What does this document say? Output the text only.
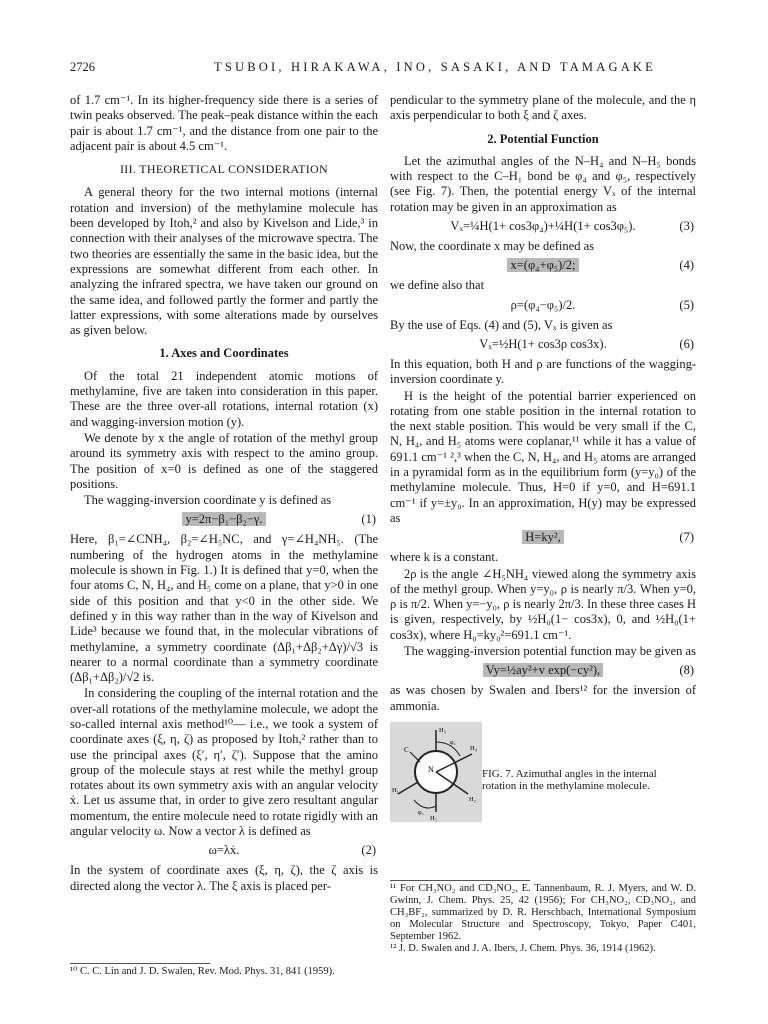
2726	TSUBOI, HIRAKAWA, INO, SASAKI, AND TAMAGAKE

of 1.7 cm⁻¹. In its higher-frequency side there is a series of twin peaks observed. The peak–peak distance within the each pair is about 1.7 cm⁻¹, and the distance from one pair to the adjacent pair is about 4.5 cm⁻¹.

III. THEORETICAL CONSIDERATION

A general theory for the two internal motions (internal rotation and inversion) of the methylamine molecule has been developed by Itoh,² and also by Kivelson and Lide,³ in connection with their analyses of the microwave spectra. The two theories are essentially the same in the basic idea, but the expressions are somewhat different from each other. In analyzing the infrared spectra, we have taken our ground on the same idea, and followed partly the former and partly the latter expressions, with some alterations made by ourselves as given below.

1. Axes and Coordinates

Of the total 21 independent atomic motions of methylamine, five are taken into consideration in this paper. These are the three over-all rotations, internal rotation (x) and wagging-inversion motion (y).

We denote by x the angle of rotation of the methyl group around its symmetry axis with respect to the amino group. The position of x=0 is defined as one of the staggered positions.

The wagging-inversion coordinate y is defined as

y=2π−β₁−β₂−γ.	(1)

Here, β₁=∠CNH₄, β₂=∠H₅NC, and γ=∠H₄NH₅. (The numbering of the hydrogen atoms in the methylamine molecule is shown in Fig. 1.) It is defined that y=0, when the four atoms C, N, H₄, and H₅ come on a plane, that y>0 in one side of this position and that y<0 in the other side. We defined y in this way rather than in the way of Kivelson and Lide³ because we found that, in the molecular vibrations of methylamine, a symmetry coordinate (Δβ₁+Δβ₂+Δγ)/√3 is nearer to a normal coordinate than a symmetry coordinate (Δβ₁+Δβ₂)/√2 is.

In considering the coupling of the internal rotation and the over-all rotations of the methylamine molecule, we adopt the so-called internal axis method¹⁰— i.e., we took a system of coordinate axes (ξ, η, ζ) as proposed by Itoh,² rather than to use the principal axes (ξ′, η′, ζ′). Suppose that the amino group of the molecule stays at rest while the methyl group rotates about its own symmetry axis with an angular velocity ẋ. Let us assume that, in order to give zero resultant angular momentum, the entire molecule need to rotate rigidly with an angular velocity ω. Now a vector λ is defined as

ω=λẋ.	(2)

In the system of coordinate axes (ξ, η, ζ), the ζ axis is directed along the vector λ. The ξ axis is placed per-

¹⁰ C. C. Lin and J. D. Swalen, Rev. Mod. Phys. 31, 841 (1959).

pendicular to the symmetry plane of the molecule, and the η axis perpendicular to both ξ and ζ axes.

2. Potential Function

Let the azimuthal angles of the N–H₄ and N–H₅ bonds with respect to the C–H₁ bond be φ₄ and φ₅, respectively (see Fig. 7). Then, the potential energy Vₓ of the internal rotation may be given in an approximation as

Vₓ=¼H(1+ cos3φ₄)+¼H(1+ cos3φ₅).	(3)

Now, the coordinate x may be defined as

x=(φ₄+φ₅)/2;	(4)

we define also that

ρ=(φ₄−φ₅)/2.	(5)

By the use of Eqs. (4) and (5), Vₓ is given as

Vₓ=½H(1+ cos3ρ cos3x).	(6)

In this equation, both H and ρ are functions of the wagging-inversion coordinate y.

H is the height of the potential barrier experienced on rotating from one stable position in the internal rotation to the next stable position. This would be very small if the C, N, H₄, and H₅ atoms were coplanar,¹¹ while it has a value of 691.1 cm⁻¹ ²,³ when the C, N, H₄, and H₅ atoms are arranged in a pyramidal form as in the equilibrium form (y=y₀) of the methylamine molecule. Thus, H=0 if y=0, and H=691.1 cm⁻¹ if y=±y₀. In an approximation, H(y) may be expressed as

H=ky²,	(7)

where k is a constant.

2ρ is the angle ∠H₅NH₄ viewed along the symmetry axis of the methyl group. When y=y₀, ρ is nearly π/3. When y=0, ρ is π/2. When y=−y₀, ρ is nearly 2π/3. In these three cases H is given, respectively, by ½H₀(1− cos3x), 0, and ½H₀(1+ cos3x), where H₀=ky₀²=691.1 cm⁻¹.

The wagging-inversion potential function may be given as

Vy=½ay²+v exp(−cy²),	(8)

as was chosen by Swalen and Ibers¹² for the inversion of ammonia.

H₃
H₄
C
N
H₁
H₂
H₅
φ₄
φ₅
FIG. 7. Azimuthal angles in the internal rotation in the methylamine molecule.
¹¹ For CH₃NO₂ and CD₃NO₂, E. Tannenbaum, R. J. Myers, and W. D. Gwinn, J. Chem. Phys. 25, 42 (1956); For CH₃NO₂, CD₃NO₂, and CH₃BF₂, summarized by D. R. Herschbach, International Symposium on Molecular Structure and Spectroscopy, Tokyo, Paper C401, September 1962.
¹² J. D. Swalen and J. A. Ibers, J. Chem. Phys. 36, 1914 (1962).
